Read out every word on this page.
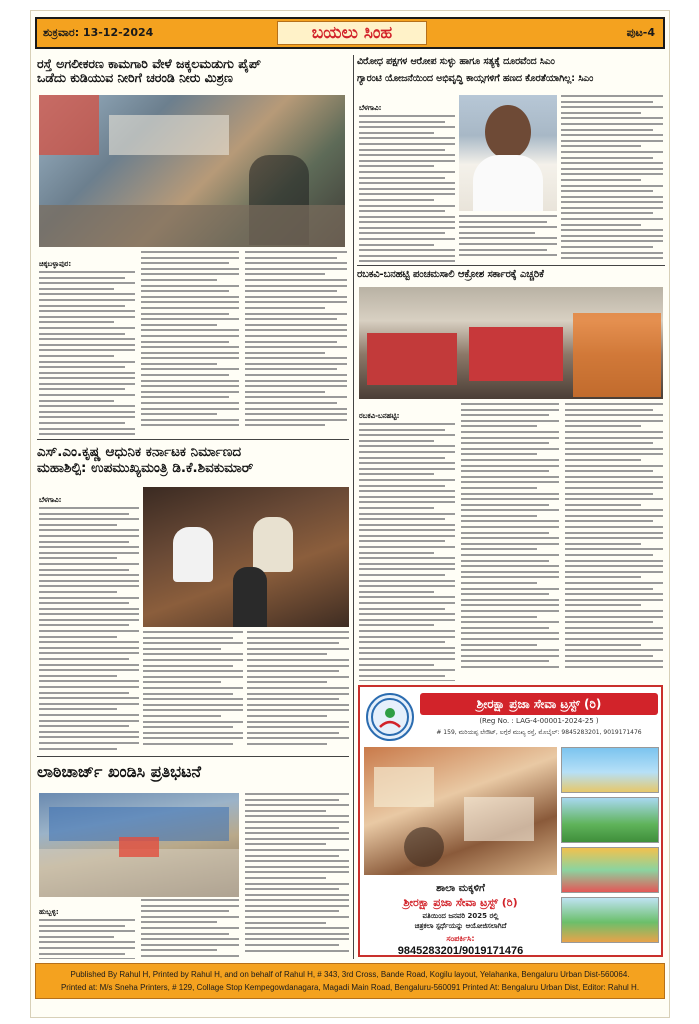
ಶುಕ್ರವಾರ: 13-12-2024	ಬಯಲು ಸಿಂಹ	ಪುಟ-4
ರಸ್ತೆ ಅಗಲೀಕರಣ ಕಾಮಗಾರಿ ವೇಳೆ ಜಕ್ಕಲಮಡುಗು ಪೈಪ್
ಒಡೆದು ಕುಡಿಯುವ ನೀರಿಗೆ ಚರಂಡಿ ನೀರು ಮಿಶ್ರಣ
ಚಿಕ್ಕಬಳ್ಳಾಪುರ:
ಎಸ್.ಎಂ.ಕೃಷ್ಣ ಆಧುನಿಕ ಕರ್ನಾಟಕ ನಿರ್ಮಾಣದ
ಮಹಾಶಿಲ್ಪಿ: ಉಪಮುಖ್ಯಮಂತ್ರಿ ಡಿ.ಕೆ.ಶಿವಕುಮಾರ್
ಬೆಳಗಾವಿ:
ಲಾಠಿಚಾರ್ಜ್ ಖಂಡಿಸಿ ಪ್ರತಿಭಟನೆ
ಹುಬ್ಬಳ್ಳಿ:
ವಿರೋಧ ಪಕ್ಷಗಳ ಆರೋಪ ಸುಳ್ಳು ಹಾಗೂ ಸತ್ಯಕ್ಕೆ ದೂರವೆಂದ ಸಿಎಂ
ಗ್ಯಾರಂಟಿ ಯೋಜನೆಯಿಂದ ಅಭಿವೃದ್ಧಿ ಕಾಯ್ಗಗಳಿಗೆ ಹಣದ ಕೊರತೆಯಾಗಿಲ್ಲ: ಸಿಎಂ
ಬೆಳಗಾವಿ:
ರಬಕವಿ-ಬನಹಟ್ಟಿ ಪಂಚಮಸಾಲಿ ಆಕ್ರೋಶ ಸರ್ಕಾರಕ್ಕೆ ಎಚ್ಚರಿಕೆ
ರಬಕವಿ-ಬನಹಟ್ಟಿ:
ಶ್ರೀರಕ್ಷಾ ಪ್ರಜಾ ಸೇವಾ ಟ್ರಸ್ಟ್ (ರಿ)
(Reg No. : LAG-4-00001-2024-25 )
# 159, ಮರಿಯಪ್ಪ ಲೇಔಟ್, ಲಗ್ಗೆರೆ ಮುಖ್ಯ ರಸ್ತೆ, ಮೊಬೈಲ್: 9845283201, 9019171476
ಶಾಲಾ ಮಕ್ಕಳಿಗೆ
ಶ್ರೀರಕ್ಷಾ ಪ್ರಜಾ ಸೇವಾ ಟ್ರಸ್ಟ್ (ರಿ)
ವತಿಯಿಂದ ಜನವರಿ 2025 ರಲ್ಲಿ
ಚಿತ್ರಕಲಾ ಸ್ಪರ್ಧೆಯನ್ನು ಆಯೋಜಿಸಲಾಗಿದೆ
ಸಂಪರ್ಕಿಸಿ:
9845283201/9019171476
Published By Rahul H, Printed by Rahul H, and on behalf of Rahul H, # 343, 3rd Cross, Bande Road, Kogilu layout, Yelahanka, Bengaluru Urban Dist-560064.
Printed at: M/s Sneha Printers, # 129, Collage Stop Kempegowdanagara, Magadi Main Road, Bengaluru-560091 Printed At: Bengaluru Urban Dist, Editor: Rahul H.
